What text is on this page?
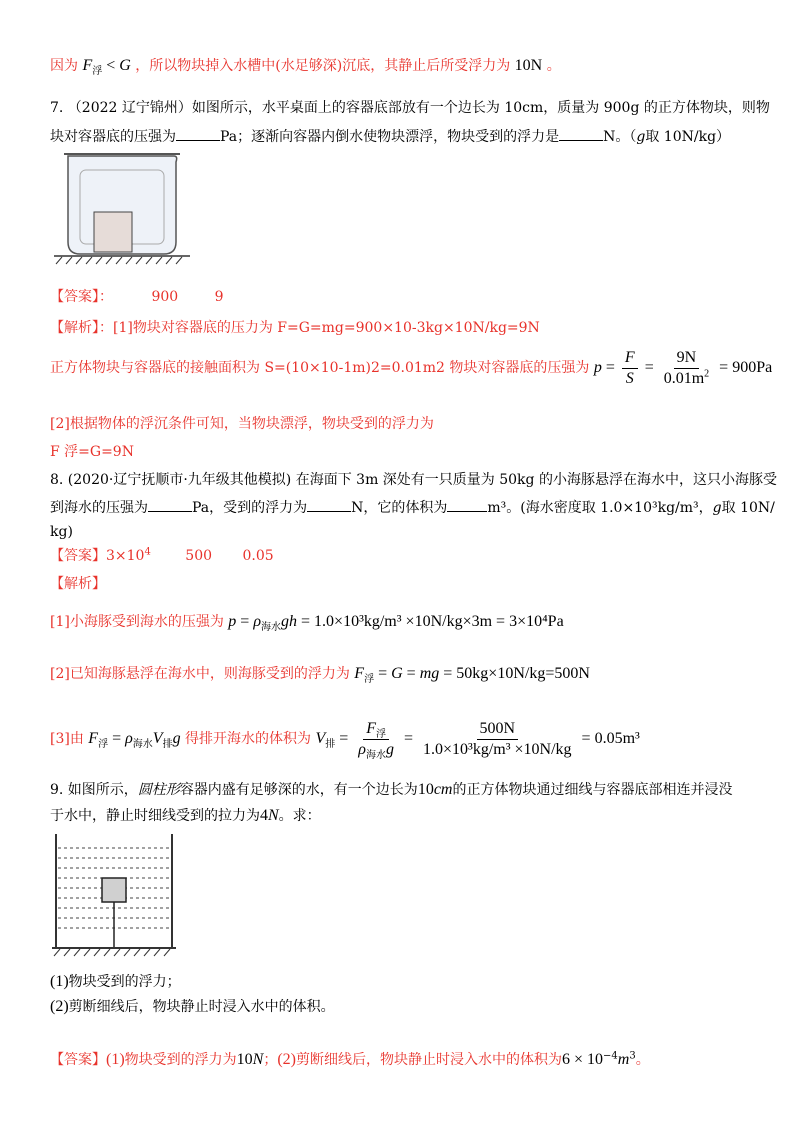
因为 $F_浮 < G$ ，所以物块掉入水槽中(水足够深)沉底，其静止后所受浮力为 10N 。
7. （2022 辽宁锦州）如图所示，水平桌面上的容器底部放有一个边长为 10cm，质量为 900g 的正方体物块，则物
块对容器底的压强为	Pa；逐渐向容器内倒水使物块漂浮，物块受到的浮力是	N。（g取 10N/kg）
【答案】：	900	9
【解析】：[1]物块对容器底的压力为 F=G=mg=900×10-3kg×10N/kg=9N
正方体物块与容器底的接触面积为 S=(10×10-1m)2=0.01m2 物块对容器底的压强为 $p = \frac{F}{S} = \frac{9N}{0.01m^2} = 900Pa$
[2]根据物体的浮沉条件可知，当物块漂浮，物块受到的浮力为
F 浮=G=9N
8. (2020·辽宁抚顺市·九年级其他模拟) 在海面下 3m 深处有一只质量为 50kg 的小海豚悬浮在海水中，这只小海豚受
到海水的压强为	Pa，受到的浮力为	N，它的体积为	m³。(海水密度取 1.0×10³kg/m³，g取 10N/
kg)
【答案】$3\times 10^4$ 500 0.05
【解析】
[1]小海豚受到海水的压强为 $p = \rho_{海水}gh = 1.0\times 10^3kg/m^3 \times 10N/kg\times 3m = 3\times 10^4Pa$
[2]已知海豚悬浮在海水中，则海豚受到的浮力为 $F_浮 = G$ = mg = 50kg×10N/kg=500N
[3]由 $F_浮 = \rho_{海水}V_排g$ 得排开海水的体积为 $V_排 = \frac{F_浮}{\rho_{海水}g} = \frac{500N}{\text{1.0×10³kg/m³ ×10N/kg}} = 0.05m^3$
9. 如图所示，圆柱形容器内盛有足够深的水，有一个边长为10cm的正方体物块通过细线与容器底部相连并浸没
于水中，静止时细线受到的拉力为4N。求：
(1)物块受到的浮力；
(2)剪断细线后，物块静止时浸入水中的体积。
【答案】(1)物块受到的浮力为10N；(2)剪断细线后，物块静止时浸入水中的体积为$6 \times 10^{-4}m^3$。
